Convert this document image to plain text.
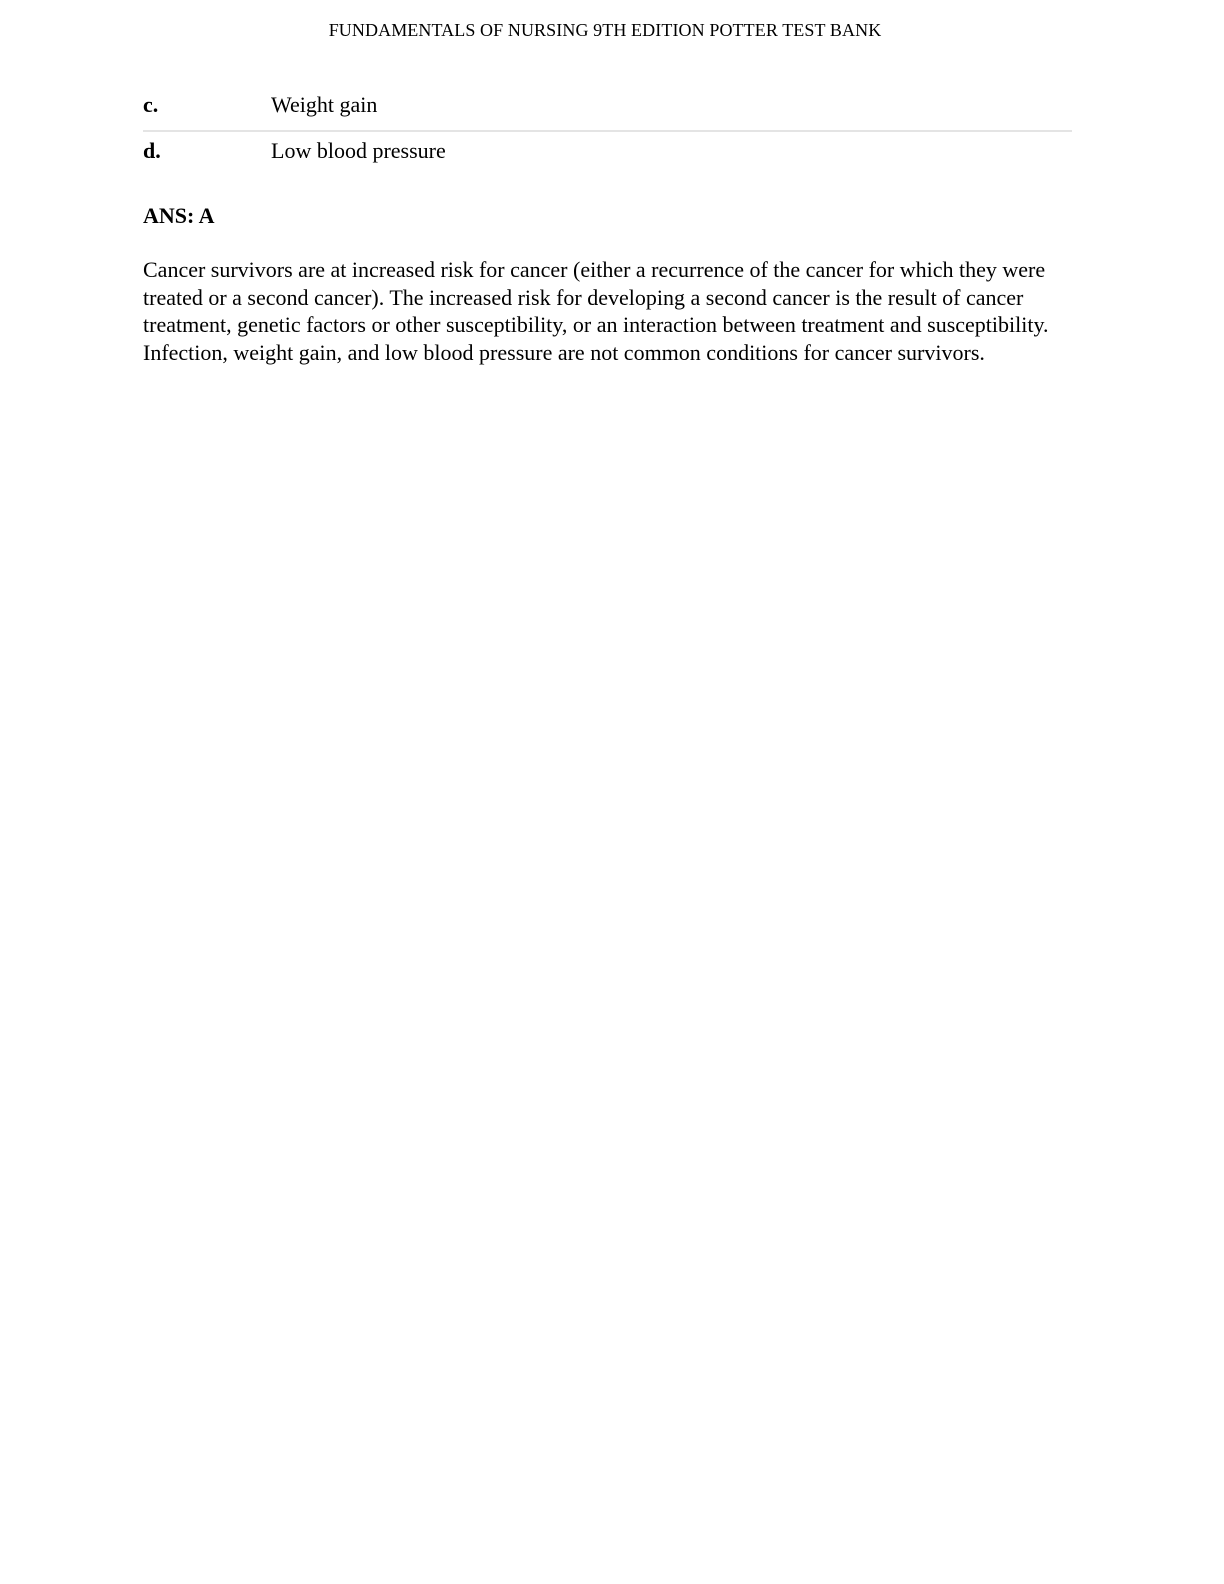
FUNDAMENTALS OF NURSING 9TH EDITION POTTER TEST BANK
c.	Weight gain
d.	Low blood pressure
ANS: A

Cancer survivors are at increased risk for cancer (either a recurrence of the cancer for which they were treated or a second cancer). The increased risk for developing a second cancer is the result of cancer treatment, genetic factors or other susceptibility, or an interaction between treatment and susceptibility. Infection, weight gain, and low blood pressure are not common conditions for cancer survivors.
